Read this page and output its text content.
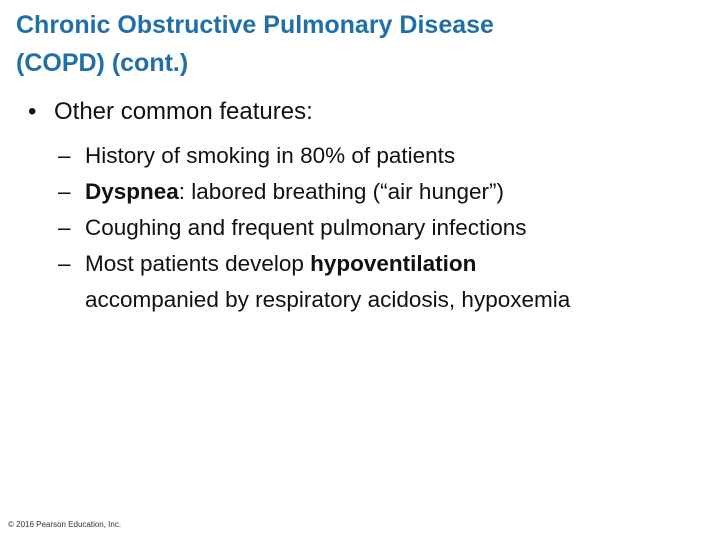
Chronic Obstructive Pulmonary Disease
(COPD) (cont.)
• Other common features:
– History of smoking in 80% of patients
– Dyspnea: labored breathing (“air hunger”)
– Coughing and frequent pulmonary infections
– Most patients develop hypoventilation
accompanied by respiratory acidosis, hypoxemia
© 2016 Pearson Education, Inc.
